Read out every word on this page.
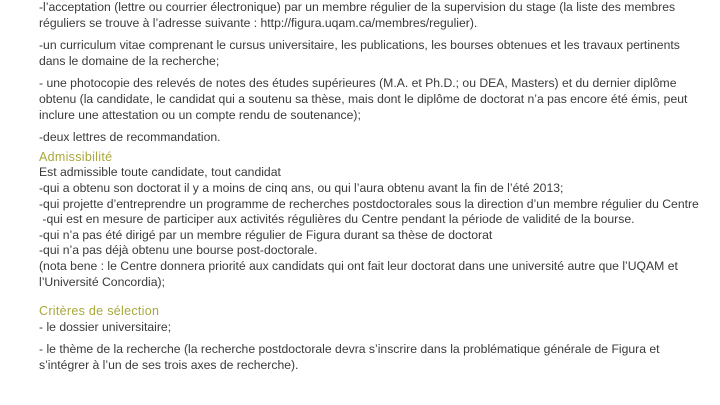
-l’acceptation (lettre ou courrier électronique) par un membre régulier de la supervision du stage (la liste des membres réguliers se trouve à l’adresse suivante : http://figura.uqam.ca/membres/regulier).

-un curriculum vitae comprenant le cursus universitaire, les publications, les bourses obtenues et les travaux pertinents dans le domaine de la recherche;

- une photocopie des relevés de notes des études supérieures (M.A. et Ph.D.; ou DEA, Masters) et du dernier diplôme obtenu (la candidate, le candidat qui a soutenu sa thèse, mais dont le diplôme de doctorat n’a pas encore été émis, peut inclure une attestation ou un compte rendu de soutenance);

-deux lettres de recommandation.

Admissibilité

Est admissible toute candidate, tout candidat

-qui a obtenu son doctorat il y a moins de cinq ans, ou qui l’aura obtenu avant la fin de l’été 2013;

-qui projette d’entreprendre un programme de recherches postdoctorales sous la direction d’un membre régulier du Centre

-qui est en mesure de participer aux activités régulières du Centre pendant la période de validité de la bourse.

-qui n’a pas été dirigé par un membre régulier de Figura durant sa thèse de doctorat

-qui n’a pas déjà obtenu une bourse post-doctorale.

(nota bene : le Centre donnera priorité aux candidats qui ont fait leur doctorat dans une université autre que l’UQAM et l’Université Concordia);

Critères de sélection

- le dossier universitaire;

- le thème de la recherche (la recherche postdoctorale devra s’inscrire dans la problématique générale de Figura et s’intégrer à l’un de ses trois axes de recherche).
